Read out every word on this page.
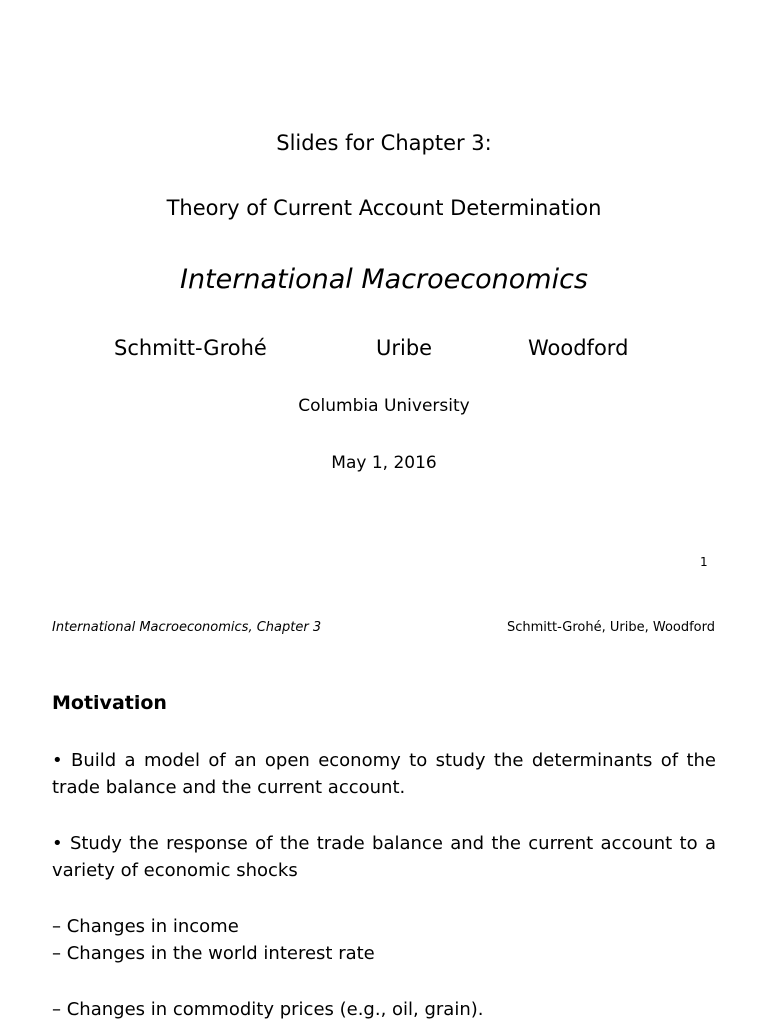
Slides for Chapter 3:
Theory of Current Account Determination
International Macroeconomics
Schmitt-Grohé	Uribe	Woodford
Columbia University
May 1, 2016
1
International Macroeconomics, Chapter 3	Schmitt-Grohé, Uribe, Woodford
Motivation
• Build a model of an open economy to study the determinants of the trade balance and the current account.
• Study the response of the trade balance and the current account to a variety of economic shocks
– Changes in income
– Changes in the world interest rate
– Changes in commodity prices (e.g., oil, grain).
